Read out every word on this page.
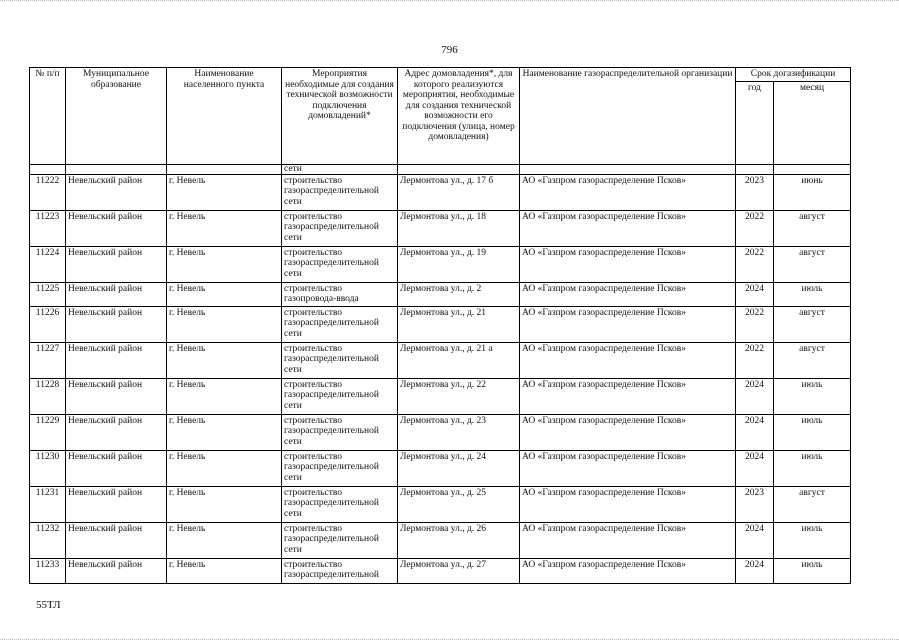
796
№ п/п	Муниципальное образование	Наименование населенного пункта	Мероприятия необходимые для создания технической возможности подключения домовладений*	Адрес домовладения*, для которого реализуются мероприятия, необходимые для создания технической возможности его подключения (улица, номер домовладения)	Наименование газораспределительной организации	Срок догазификации	
						год	месяц
			сети				
11222	Невельский район	г. Невель	строительство газораспределительной сети	Лермонтова ул., д. 17 б	АО «Газпром газораспределение Псков»	2023	июнь
11223	Невельский район	г. Невель	строительство газораспределительной сети	Лермонтова ул., д. 18	АО «Газпром газораспределение Псков»	2022	август
11224	Невельский район	г. Невель	строительство газораспределительной сети	Лермонтова ул., д. 19	АО «Газпром газораспределение Псков»	2022	август
11225	Невельский район	г. Невель	строительство газопровода-ввода	Лермонтова ул., д. 2	АО «Газпром газораспределение Псков»	2024	июль
11226	Невельский район	г. Невель	строительство газораспределительной сети	Лермонтова ул., д. 21	АО «Газпром газораспределение Псков»	2022	август
11227	Невельский район	г. Невель	строительство газораспределительной сети	Лермонтова ул., д. 21 а	АО «Газпром газораспределение Псков»	2022	август
11228	Невельский район	г. Невель	строительство газораспределительной сети	Лермонтова ул., д. 22	АО «Газпром газораспределение Псков»	2024	июль
11229	Невельский район	г. Невель	строительство газораспределительной сети	Лермонтова ул., д. 23	АО «Газпром газораспределение Псков»	2024	июль
11230	Невельский район	г. Невель	строительство газораспределительной сети	Лермонтова ул., д. 24	АО «Газпром газораспределение Псков»	2024	июль
11231	Невельский район	г. Невель	строительство газораспределительной сети	Лермонтова ул., д. 25	АО «Газпром газораспределение Псков»	2023	август
11232	Невельский район	г. Невель	строительство газораспределительной сети	Лермонтова ул., д. 26	АО «Газпром газораспределение Псков»	2024	июль
11233	Невельский район	г. Невель	строительство газораспределительной	Лермонтова ул., д. 27	АО «Газпром газораспределение Псков»	2024	июль
55ТЛ
